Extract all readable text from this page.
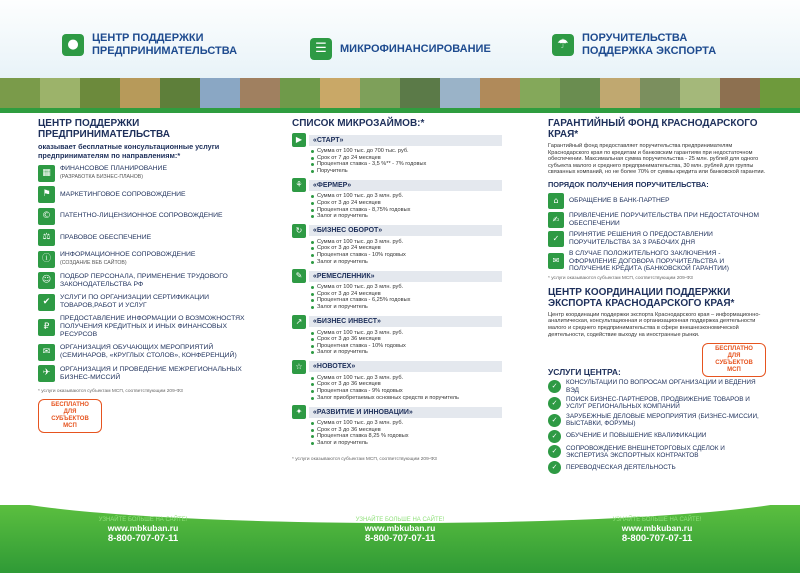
●	ЦЕНТР ПОДДЕРЖКИ
ПРЕДПРИНИМАТЕЛЬСТВА	☰	МИКРОФИНАНСИРОВАНИЕ	☂	ПОРУЧИТЕЛЬСТВА
ПОДДЕРЖКА ЭКСПОРТА
ЦЕНТР ПОДДЕРЖКИ ПРЕДПРИНИМАТЕЛЬСТВА
оказывает бесплатные консультационные услуги предпринимателям по направлениям:*
▦	ФИНАНСОВОЕ ПЛАНИРОВАНИЕ
(РАЗРАБОТКА БИЗНЕС-ПЛАНОВ)
⚑	МАРКЕТИНГОВОЕ СОПРОВОЖДЕНИЕ
©	ПАТЕНТНО-ЛИЦЕНЗИОННОЕ СОПРОВОЖДЕНИЕ
⚖	ПРАВОВОЕ ОБЕСПЕЧЕНИЕ
ⓘ	ИНФОРМАЦИОННОЕ СОПРОВОЖДЕНИЕ
(СОЗДАНИЕ ВЕБ САЙТОВ)
☺	ПОДБОР ПЕРСОНАЛА, ПРИМЕНЕНИЕ ТРУДОВОГО ЗАКОНОДАТЕЛЬСТВА РФ
✔	УСЛУГИ ПО ОРГАНИЗАЦИИ СЕРТИФИКАЦИИ ТОВАРОВ,РАБОТ И УСЛУГ
₽
ПРЕДОСТАВЛЕНИЕ ИНФОРМАЦИИ О ВОЗМОЖНОСТЯХ ПОЛУЧЕНИЯ КРЕДИТНЫХ И ИНЫХ ФИНАНСОВЫХ РЕСУРСОВ
✉	ОРГАНИЗАЦИЯ ОБУЧАЮЩИХ МЕРОПРИЯТИЙ (СЕМИНАРОВ, «КРУГЛЫХ СТОЛОВ», КОНФЕРЕНЦИЙ)
✈	ОРГАНИЗАЦИЯ И ПРОВЕДЕНИЕ МЕЖРЕГИОНАЛЬНЫХ БИЗНЕС-МИССИЙ
* услуги оказываются субъектам МСП, соответствующим 209-ФЗ
БЕСПЛАТНО ДЛЯ СУБЪЕКТОВ МСП
СПИСОК МИКРОЗАЙМОВ:*
▶	«СТАРТ»
Сумма от 100 тыс. до 700 тыс. руб.
Срок от 7 до 24 месяцев
Процентная ставка - 3,5 %** - 7% годовых
Поручитель
⚘	«ФЕРМЕР»
Сумма от 100 тыс. до 3 млн. руб.
Срок от 3 до 24 месяцев
Процентная ставка - 8,75% годовых
Залог и поручитель
↻	«БИЗНЕС ОБОРОТ»
Сумма от 100 тыс. до 3 млн. руб.
Срок от 3 до 24 месяцев
Процентная ставка - 10% годовых
Залог и поручитель
✎	«РЕМЕСЛЕННИК»
Сумма от 100 тыс. до 3 млн. руб.
Срок от 3 до 24 месяцев
Процентная ставка - 6,25% годовых
Залог и поручитель
↗	«БИЗНЕС ИНВЕСТ»
Сумма от 100 тыс. до 3 млн. руб.
Срок от 3 до 36 месяцев
Процентная ставка - 10% годовых
Залог и поручитель
☆	«НОВОТЕХ»
Сумма от 100 тыс. до 3 млн. руб.
Срок от 3 до 36 месяцев
Процентная ставка - 9% годовых
Залог приобретаемых основных средств и поручитель
✦	«РАЗВИТИЕ И ИННОВАЦИИ»
Сумма от 100 тыс. до 3 млн. руб.
Срок от 3 до 36 месяцев
Процентная ставка 8,25 % годовых
Залог и поручитель
* услуги оказываются субъектам МСП, соответствующим 209-ФЗ
ГАРАНТИЙНЫЙ ФОНД КРАСНОДАРСКОГО КРАЯ*
Гарантийный фонд предоставляет поручительства предпринимателям Краснодарского края по кредитам и банковским гарантиям при недостаточном обеспечении. Максимальная сумма поручительства - 25 млн. рублей для одного субъекта малого и среднего предпринимательства, 30 млн. рублей для группы связанных компаний, но не более 70% от суммы кредита или банковской гарантии.
ПОРЯДОК ПОЛУЧЕНИЯ ПОРУЧИТЕЛЬСТВА:
⌂	ОБРАЩЕНИЕ В БАНК-ПАРТНЕР
✍	ПРИВЛЕЧЕНИЕ ПОРУЧИТЕЛЬСТВА ПРИ НЕДОСТАТОЧНОМ ОБЕСПЕЧЕНИИ
✓	ПРИНЯТИЕ РЕШЕНИЯ О ПРЕДОСТАВЛЕНИИ ПОРУЧИТЕЛЬСТВА ЗА 3 РАБОЧИХ ДНЯ
✉
В СЛУЧАЕ ПОЛОЖИТЕЛЬНОГО ЗАКЛЮЧЕНИЯ - ОФОРМЛЕНИЕ ДОГОВОРА ПОРУЧИТЕЛЬСТВА И ПОЛУЧЕНИЕ КРЕДИТА (БАНКОВСКОЙ ГАРАНТИИ)
* услуги оказываются субъектам МСП, соответствующим 209-ФЗ
ЦЕНТР КООРДИНАЦИИ ПОДДЕРЖКИ ЭКСПОРТА КРАСНОДАРСКОГО КРАЯ*
Центр координации поддержки экспорта Краснодарского края – информационно-аналитическая, консультационная и организационная поддержка деятельности малого и среднего предпринимательства в сфере внешнеэкономической деятельности, содействие выходу на иностранные рынки.
УСЛУГИ ЦЕНТРА:
БЕСПЛАТНО ДЛЯ СУБЪЕКТОВ МСП
✓	КОНСУЛЬТАЦИИ ПО ВОПРОСАМ ОРГАНИЗАЦИИ И ВЕДЕНИЯ ВЭД
✓	ПОИСК БИЗНЕС-ПАРТНЕРОВ, ПРОДВИЖЕНИЕ ТОВАРОВ И УСЛУГ РЕГИОНАЛЬНЫХ КОМПАНИЙ
✓	ЗАРУБЕЖНЫЕ ДЕЛОВЫЕ МЕРОПРИЯТИЯ (БИЗНЕС-МИССИИ, ВЫСТАВКИ, ФОРУМЫ)
✓	ОБУЧЕНИЕ И ПОВЫШЕНИЕ КВАЛИФИКАЦИИ
✓	СОПРОВОЖДЕНИЕ ВНЕШНЕТОРГОВЫХ СДЕЛОК И ЭКСПЕРТИЗА ЭКСПОРТНЫХ КОНТРАКТОВ
✓	ПЕРЕВОДЧЕСКАЯ ДЕЯТЕЛЬНОСТЬ
УЗНАЙТЕ БОЛЬШЕ НА САЙТЕ!
www.mbkuban.ru
8-800-707-07-11
УЗНАЙТЕ БОЛЬШЕ НА САЙТЕ!
www.mbkuban.ru
8-800-707-07-11
УЗНАЙТЕ БОЛЬШЕ НА САЙТЕ!
www.mbkuban.ru
8-800-707-07-11
